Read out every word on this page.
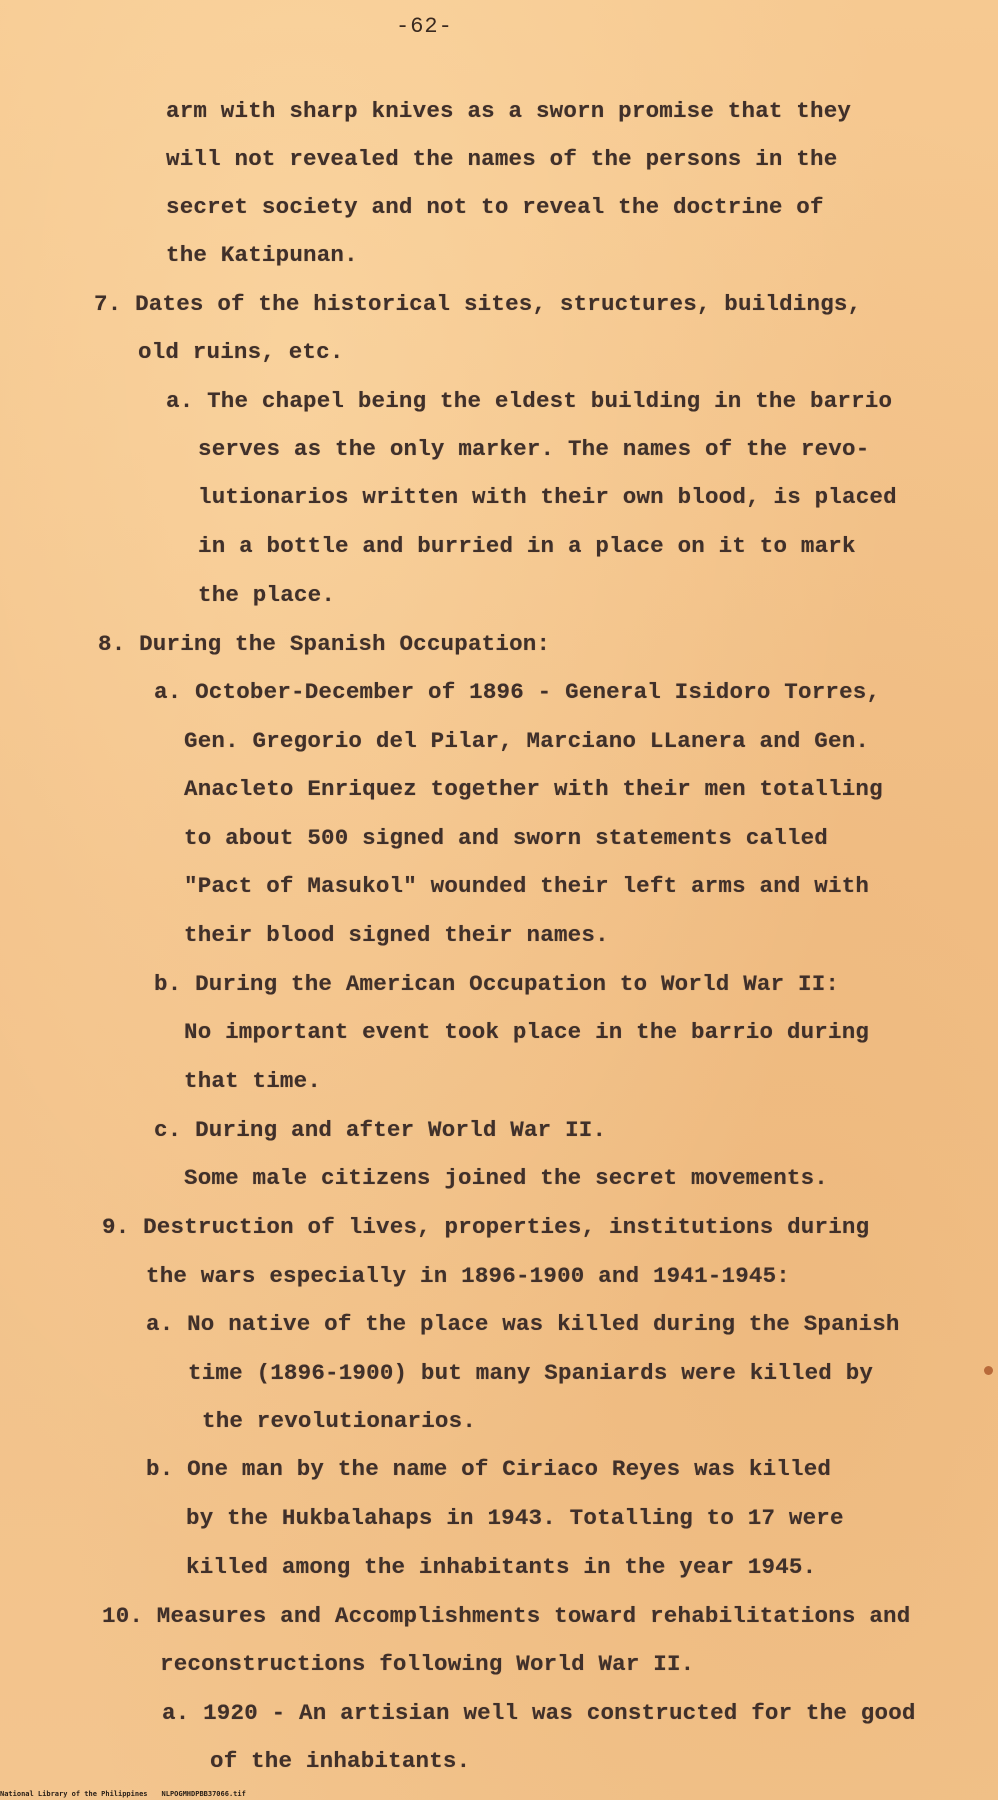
-62-
arm with sharp knives as a sworn promise that they
will not revealed the names of the persons in the
secret society and not to reveal the doctrine of
the Katipunan.
7. Dates of the historical sites, structures, buildings,
old ruins, etc.
a. The chapel being the eldest building in the barrio
serves as the only marker. The names of the revo-
lutionarios written with their own blood, is placed
in a bottle and burried in a place on it to mark
the place.
8. During the Spanish Occupation:
a. October-December of 1896 - General Isidoro Torres,
Gen. Gregorio del Pilar, Marciano LLanera and Gen.
Anacleto Enriquez together with their men totalling
to about 500 signed and sworn statements called
"Pact of Masukol" wounded their left arms and with
their blood signed their names.
b. During the American Occupation to World War II:
No important event took place in the barrio during
that time.
c. During and after World War II.
Some male citizens joined the secret movements.
9. Destruction of lives, properties, institutions during
the wars especially in 1896-1900 and 1941-1945:
a. No native of the place was killed during the Spanish
time (1896-1900) but many Spaniards were killed by
the revolutionarios.
b. One man by the name of Ciriaco Reyes was killed
by the Hukbalahaps in 1943. Totalling to 17 were
killed among the inhabitants in the year 1945.
10. Measures and Accomplishments toward rehabilitations and
reconstructions following World War II.
a. 1920 - An artisian well was constructed for the good
of the inhabitants.
National Library of the Philippines NLPOGMHDPBB37066.tif
